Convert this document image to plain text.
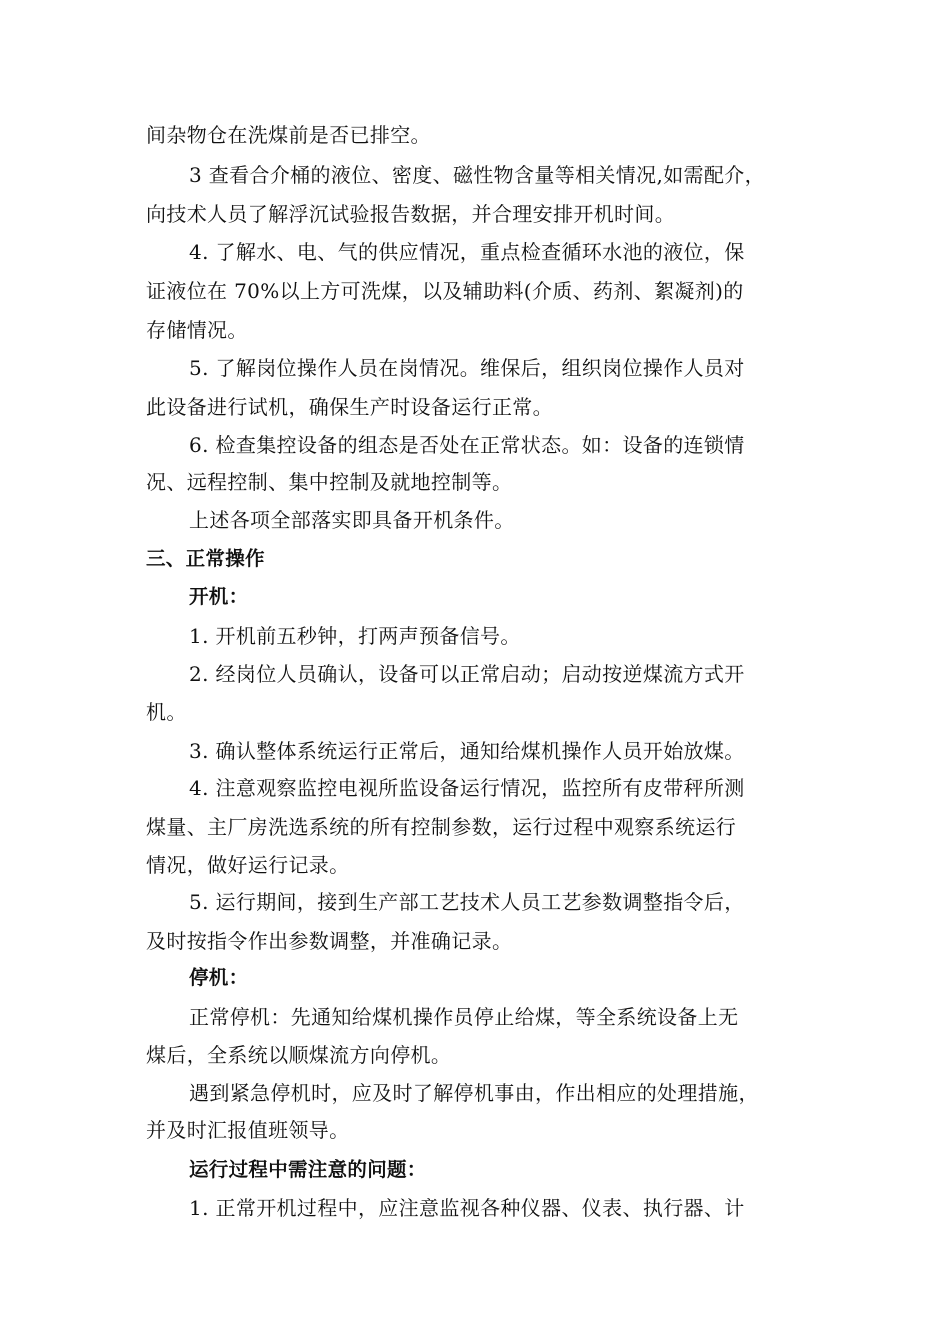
间杂物仓在洗煤前是否已排空。
3 查看合介桶的液位、密度、磁性物含量等相关情况,如需配介，
向技术人员了解浮沉试验报告数据，并合理安排开机时间。
4. 了解水、电、气的供应情况，重点检查循环水池的液位，保
证液位在 70%以上方可洗煤，以及辅助料(介质、药剂、絮凝剂)的
存储情况。
5. 了解岗位操作人员在岗情况。维保后，组织岗位操作人员对
此设备进行试机，确保生产时设备运行正常。
6. 检查集控设备的组态是否处在正常状态。如：设备的连锁情
况、远程控制、集中控制及就地控制等。
上述各项全部落实即具备开机条件。
三、正常操作
开机：
1. 开机前五秒钟，打两声预备信号。
2. 经岗位人员确认，设备可以正常启动；启动按逆煤流方式开
机。
3. 确认整体系统运行正常后，通知给煤机操作人员开始放煤。
4. 注意观察监控电视所监设备运行情况，监控所有皮带秤所测
煤量、主厂房洗选系统的所有控制参数，运行过程中观察系统运行
情况，做好运行记录。
5. 运行期间，接到生产部工艺技术人员工艺参数调整指令后，
及时按指令作出参数调整，并准确记录。
停机：
正常停机：先通知给煤机操作员停止给煤，等全系统设备上无
煤后，全系统以顺煤流方向停机。
遇到紧急停机时，应及时了解停机事由，作出相应的处理措施，
并及时汇报值班领导。
运行过程中需注意的问题：
1. 正常开机过程中，应注意监视各种仪器、仪表、执行器、计
